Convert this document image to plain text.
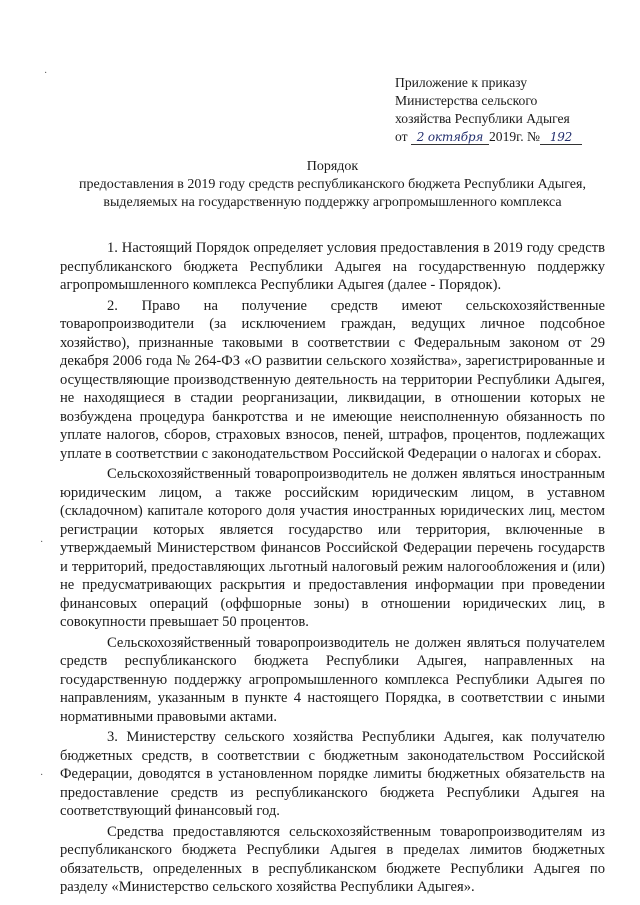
·
·
·
Приложение к приказу
Министерства сельского
хозяйства Республики Адыгея
от 2 октября 2019г. № 192
Порядок

предоставления в 2019 году средств республиканского бюджета Республики Адыгея, выделяемых на государственную поддержку агропромышленного комплекса

1. Настоящий Порядок определяет условия предоставления в 2019 году средств республиканского бюджета Республики Адыгея на государственную поддержку агропромышленного комплекса Республики Адыгея (далее - Порядок).

2. Право на получение средств имеют сельскохозяйственные товаропроизводители (за исключением граждан, ведущих личное подсобное хозяйство), признанные таковыми в соответствии с Федеральным законом от 29 декабря 2006 года № 264-ФЗ «О развитии сельского хозяйства», зарегистрированные и осуществляющие производственную деятельность на территории Республики Адыгея, не находящиеся в стадии реорганизации, ликвидации, в отношении которых не возбуждена процедура банкротства и не имеющие неисполненную обязанность по уплате налогов, сборов, страховых взносов, пеней, штрафов, процентов, подлежащих уплате в соответствии с законодательством Российской Федерации о налогах и сборах.

Сельскохозяйственный товаропроизводитель не должен являться иностранным юридическим лицом, а также российским юридическим лицом, в уставном (складочном) капитале которого доля участия иностранных юридических лиц, местом регистрации которых является государство или территория, включенные в утверждаемый Министерством финансов Российской Федерации перечень государств и территорий, предоставляющих льготный налоговый режим налогообложения и (или) не предусматривающих раскрытия и предоставления информации при проведении финансовых операций (оффшорные зоны) в отношении юридических лиц, в совокупности превышает 50 процентов.

Сельскохозяйственный товаропроизводитель не должен являться получателем средств республиканского бюджета Республики Адыгея, направленных на государственную поддержку агропромышленного комплекса Республики Адыгея по направлениям, указанным в пункте 4 настоящего Порядка, в соответствии с иными нормативными правовыми актами.

3. Министерству сельского хозяйства Республики Адыгея, как получателю бюджетных средств, в соответствии с бюджетным законодательством Российской Федерации, доводятся в установленном порядке лимиты бюджетных обязательств на предоставление средств из республиканского бюджета Республики Адыгея на соответствующий финансовый год.

Средства предоставляются сельскохозяйственным товаропроизводителям из республиканского бюджета Республики Адыгея в пределах лимитов бюджетных обязательств, определенных в республиканском бюджете Республики Адыгея по разделу «Министерство сельского хозяйства Республики Адыгея».
